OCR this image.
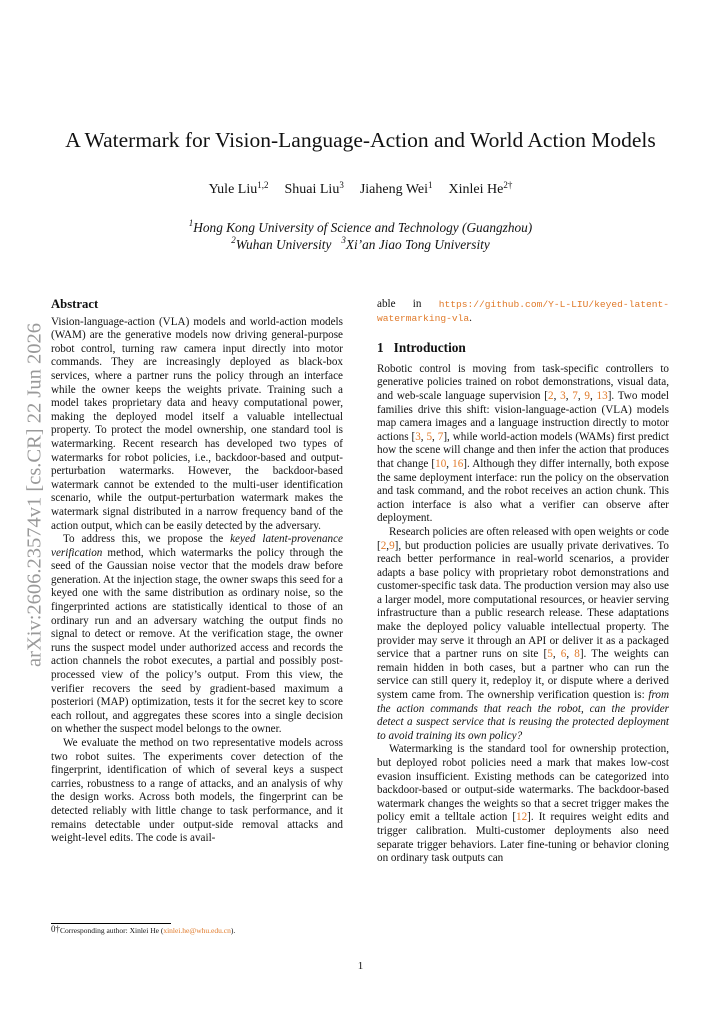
arXiv:2606.23574v1 [cs.CR] 22 Jun 2026
A Watermark for Vision-Language-Action and World Action Models
Yule Liu$^{1,2}$ Shuai Liu$^3$ Jiaheng Wei$^1$ Xinlei $He^{2\dagger}$
$^1$Hong Kong University of Science and Technology (Guangzhou)
$^2$Wuhan University $^3$Xi’an Jiao Tong University
Abstract

Vision-language-action (VLA) models and world-action models (WAM) are the generative models now driving general-purpose robot control, turning raw camera input directly into motor commands. They are increasingly deployed as black-box services, where a partner runs the policy through an interface while the owner keeps the weights private. Training such a model takes proprietary data and heavy computational power, making the deployed model itself a valuable intellectual property. To protect the model ownership, one standard tool is watermarking. Recent research has developed two types of watermarks for robot policies, i.e., backdoor-based and output-perturbation watermarks. However, the backdoor-based watermark cannot be extended to the multi-user identification scenario, while the output-perturbation watermark makes the watermark signal distributed in a narrow frequency band of the action output, which can be easily detected by the adversary.

To address this, we propose the keyed latent-provenance verification method, which watermarks the policy through the seed of the Gaussian noise vector that the models draw before generation. At the injection stage, the owner swaps this seed for a keyed one with the same distribution as ordinary noise, so the fingerprinted actions are statistically identical to those of an ordinary run and an adversary watching the output finds no signal to detect or remove. At the verification stage, the owner runs the suspect model under authorized access and records the action channels the robot executes, a partial and possibly post-processed view of the policy’s output. From this view, the verifier recovers the seed by gradient-based maximum a posteriori (MAP) optimization, tests it for the secret key to score each rollout, and aggregates these scores into a single decision on whether the suspect model belongs to the owner.

We evaluate the method on two representative models across two robot suites. The experiments cover detection of the fingerprint, identification of which of several keys a suspect carries, robustness to a range of attacks, and an analysis of why the design works. Across both models, the fingerprint can be detected reliably with little change to task performance, and it remains detectable under output-side removal attacks and weight-level edits. The code is avail-

able in https://github.com/Y-L-LIU/keyed-latent-watermarking-vla.

1 Introduction

Robotic control is moving from task-specific controllers to generative policies trained on robot demonstrations, visual data, and web-scale language supervision [2, 3, 7, 9, 13]. Two model families drive this shift: vision-language-action (VLA) models map camera images and a language instruction directly to motor actions [3, 5, 7], while world-action models (WAMs) first predict how the scene will change and then infer the action that produces that change [10, 16]. Although they differ internally, both expose the same deployment interface: run the policy on the observation and task command, and the robot receives an action chunk. This action interface is also what a verifier can observe after deployment.

Research policies are often released with open weights or code [2,9], but production policies are usually private derivatives. To reach better performance in real-world scenarios, a provider adapts a base policy with proprietary robot demonstrations and customer-specific task data. The production version may also use a larger model, more computational resources, or heavier serving infrastructure than a public research release. These adaptations make the deployed policy valuable intellectual property. The provider may serve it through an API or deliver it as a packaged service that a partner runs on site [5, 6, 8]. The weights can remain hidden in both cases, but a partner who can run the service can still query it, redeploy it, or dispute where a derived system came from. The ownership verification question is: from the action commands that reach the robot, can the provider detect a suspect service that is reusing the protected deployment to avoid training its own policy?

Watermarking is the standard tool for ownership protection, but deployed robot policies need a mark that makes low-cost evasion insufficient. Existing methods can be categorized into backdoor-based or output-side watermarks. The backdoor-based watermark changes the weights so that a secret trigger makes the policy emit a telltale action [12]. It requires weight edits and trigger calibration. Multi-customer deployments also need separate trigger behaviors. Later fine-tuning or behavior cloning on ordinary task outputs can

$^{0\dagger}$Corresponding author: Xinlei He (xinlei.he@whu.edu.cn).
1
